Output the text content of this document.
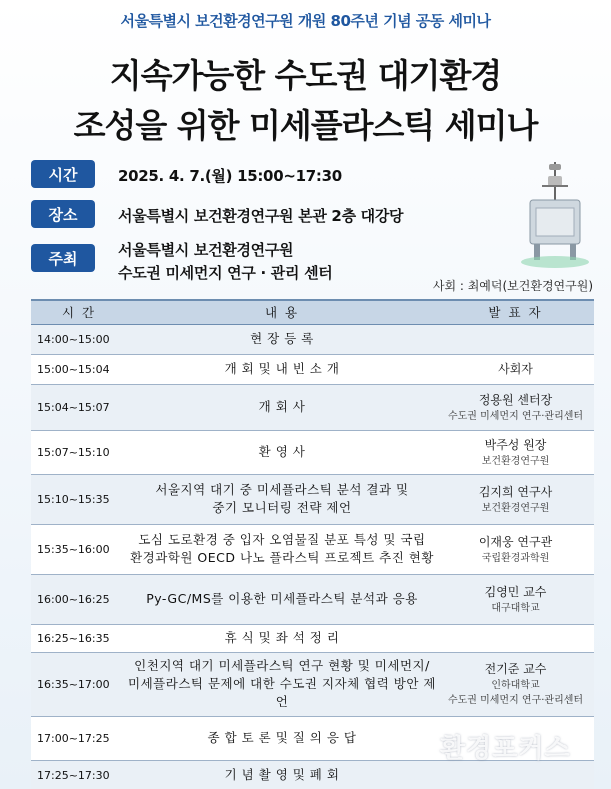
서울특별시 보건환경연구원 개원 80주년 기념 공동 세미나
지속가능한 수도권 대기환경
조성을 위한 미세플라스틱 세미나
시간	2025. 4. 7.(월) 15:00~17:30
장소	서울특별시 보건환경연구원 본관 2층 대강당
주최	서울특별시 보건환경연구원
수도권 미세먼지 연구 · 관리 센터
사회 : 최예덕(보건환경연구원)
시 간	내 용	발 표 자
14:00~15:00	현 장 등 록	
15:00~15:04	개 회 및 내 빈 소 개	사회자

15:04~15:07	개 회 사	정용원 센터장
수도권 미세먼지 연구·관리센터

15:07~15:10	환 영 사	박주성 원장
보건환경연구원

15:10~15:35	서울지역 대기 중 미세플라스틱 분석 결과 및
중기 모니터링 전략 제언	김지희 연구사
보건환경연구원

15:35~16:00	도심 도로환경 중 입자 오염물질 분포 특성 및 국립
환경과학원 OECD 나노 플라스틱 프로젝트 추진 현황	이재웅 연구관
국립환경과학원

16:00~16:25	Py-GC/MS를 이용한 미세플라스틱 분석과 응용	김영민 교수
대구대학교

16:25~16:35	휴 식 및 좌 석 정 리	
16:35~17:00	인천지역 대기 미세플라스틱 연구 현황 및 미세먼지/
미세플라스틱 문제에 대한 수도권 지자체 협력 방안 제언	전기준 교수
인하대학교
수도권 미세먼지 연구·관리센터

17:00~17:25	종 합 토 론 및 질 의 응 답	
17:25~17:30	기 념 촬 영 및 폐 회	
환경포커스
